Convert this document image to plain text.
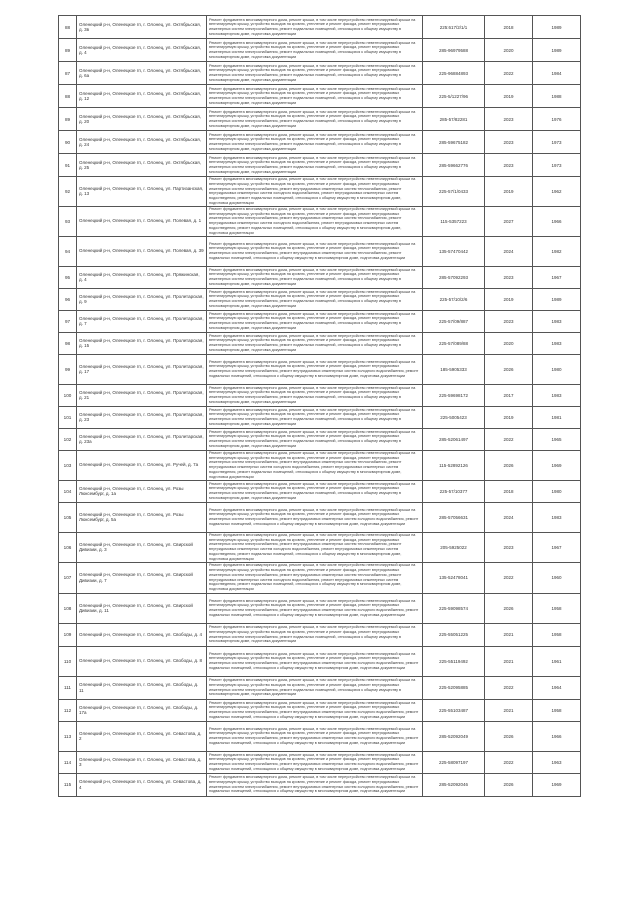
88	Оленецкий р-н, Оленецкое гп, г. Олонец, ул. Октябрьская, д. 3в	Ремонт фундамента многоквартирного дома, ремонт крыши, в том числе переустройство невентилируемой крыши на вентилируемую крышу, устройство выходов на кровлю, утепление и ремонт фасада, ремонт внутридомовых инженерных систем электроснабжения, ремонт подвальных помещений, относящихся к общему имуществу в многоквартирном доме, подготовка документации	225:617/2/1/1	2018	1989
89	Оленецкий р-н, Оленецкое гп, г. Олонец, ул. Октябрьская, д. 4	Ремонт фундамента многоквартирного дома, ремонт крыши, в том числе переустройство невентилируемой крыши на вентилируемую крышу, устройство выходов на кровлю, утепление и ремонт фасада, ремонт внутридомовых инженерных систем электроснабжения, ремонт подвальных помещений, относящихся к общему имуществу в многоквартирном доме, подготовка документации	285-96979588	2020	1989
87	Оленецкий р-н, Оленецкое гп, г. Олонец, ул. Октябрьская, д. 6а	Ремонт фундамента многоквартирного дома, ремонт крыши, в том числе переустройство невентилируемой крыши на вентилируемую крышу, устройство выходов на кровлю, утепление и ремонт фасада, ремонт внутридомовых инженерных систем электроснабжения, ремонт подвальных помещений, относящихся к общему имуществу в многоквартирном доме, подготовка документации	225-96884893	2022	1984
88	Оленецкий р-н, Оленецкое гп, г. Олонец, ул. Октябрьская, д. 12	Ремонт фундамента многоквартирного дома, ремонт крыши, в том числе переустройство невентилируемой крыши на вентилируемую крышу, устройство выходов на кровлю, утепление и ремонт фасада, ремонт внутридомовых инженерных систем электроснабжения, ремонт подвальных помещений, относящихся к общему имуществу в многоквартирном доме, подготовка документации	225-5/1227/96	2019	1988
89	Оленецкий р-н, Оленецкое гп, г. Олонец, ул. Октябрьская, д. 20	Ремонт фундамента многоквартирного дома, ремонт крыши, в том числе переустройство невентилируемой крыши на вентилируемую крышу, устройство выходов на кровлю, утепление и ремонт фасада, ремонт внутридомовых инженерных систем электроснабжения, ремонт подвальных помещений, относящихся к общему имуществу в многоквартирном доме, подготовка документации	285-57/82281	2023	1976
90	Оленецкий р-н, Оленецкое гп, г. Олонец, ул. Октябрьская, д. 24	Ремонт фундамента многоквартирного дома, ремонт крыши, в том числе переустройство невентилируемой крыши на вентилируемую крышу, устройство выходов на кровлю, утепление и ремонт фасада, ремонт внутридомовых инженерных систем электроснабжения, ремонт подвальных помещений, относящихся к общему имуществу в многоквартирном доме, подготовка документации	285-59675182	2023	1973
91	Оленецкий р-н, Оленецкое гп, г. Олонец, ул. Октябрьская, д. 25	Ремонт фундамента многоквартирного дома, ремонт крыши, в том числе переустройство невентилируемой крыши на вентилируемую крышу, устройство выходов на кровлю, утепление и ремонт фасада, ремонт внутридомовых инженерных систем электроснабжения, ремонт подвальных помещений, относящихся к общему имуществу в многоквартирном доме, подготовка документации	285-59662776	2023	1973
92	Оленецкий р-н, Оленецкое гп, г. Олонец, ул. Партизанская, д. 13	Ремонт фундамента многоквартирного дома, ремонт крыши, в том числе переустройство невентилируемой крыши на вентилируемую крышу, устройство выходов на кровлю, утепление и ремонт фасада, ремонт внутридомовых инженерных систем электроснабжения, ремонт внутридомовых инженерных систем теплоснабжения, ремонт внутридомовых инженерных систем холодного водоснабжения, ремонт внутридомовых инженерных систем водоотведения, ремонт подвальных помещений, относящихся к общему имуществу в многоквартирном доме, подготовка документации	225-57/1/0433	2019	1962
93	Оленецкий р-н, Оленецкое гп, г. Олонец, ул. Полевая, д. 1	Ремонт фундамента многоквартирного дома, ремонт крыши, в том числе переустройство невентилируемой крыши на вентилируемую крышу, устройство выходов на кровлю, утепление и ремонт фасада, ремонт внутридомовых инженерных систем электроснабжения, ремонт внутридомовых инженерных систем теплоснабжения, ремонт внутридомовых инженерных систем холодного водоснабжения, ремонт внутридомовых инженерных систем водоотведения, ремонт подвальных помещений, относящихся к общему имуществу в многоквартирном доме, подготовка документации	115-5357223	2027	1966
94	Оленецкий р-н, Оленецкое гп, г. Олонец, ул. Полевая, д. 39	Ремонт фундамента многоквартирного дома, ремонт крыши, в том числе переустройство невентилируемой крыши на вентилируемую крышу, устройство выходов на кровлю, утепление и ремонт фасада, ремонт внутридомовых инженерных систем электроснабжения, ремонт внутридомовых инженерных систем теплоснабжения, ремонт подвальных помещений, относящихся к общему имуществу в многоквартирном доме, подготовка документации	135-57470442	2024	1982
95	Оленецкий р-н, Оленецкое гп, г. Олонец, ул. Пряжинская, д. 4	Ремонт фундамента многоквартирного дома, ремонт крыши, в том числе переустройство невентилируемой крыши на вентилируемую крышу, устройство выходов на кровлю, утепление и ремонт фасада, ремонт внутридомовых инженерных систем электроснабжения, ремонт подвальных помещений, относящихся к общему имуществу в многоквартирном доме, подготовка документации	285-57092293	2023	1967
96	Оленецкий р-н, Оленецкое гп, г. Олонец, ул. Пролетарская, д. 9	Ремонт фундамента многоквартирного дома, ремонт крыши, в том числе переустройство невентилируемой крыши на вентилируемую крышу, устройство выходов на кровлю, утепление и ремонт фасада, ремонт внутридомовых инженерных систем электроснабжения, ремонт подвальных помещений, относящихся к общему имуществу в многоквартирном доме, подготовка документации	225-57/10/2/6	2019	1989
97	Оленецкий р-н, Оленецкое гп, г. Олонец, ул. Пролетарская, д. 7	Ремонт фундамента многоквартирного дома, ремонт крыши, в том числе переустройство невентилируемой крыши на вентилируемую крышу, устройство выходов на кровлю, утепление и ремонт фасада, ремонт внутридомовых инженерных систем электроснабжения, ремонт подвальных помещений, относящихся к общему имуществу в многоквартирном доме, подготовка документации	225-57/09/887	2023	1983
98	Оленецкий р-н, Оленецкое гп, г. Олонец, ул. Пролетарская, д. 15	Ремонт фундамента многоквартирного дома, ремонт крыши, в том числе переустройство невентилируемой крыши на вентилируемую крышу, устройство выходов на кровлю, утепление и ремонт фасада, ремонт внутридомовых инженерных систем электроснабжения, ремонт подвальных помещений, относящихся к общему имуществу в многоквартирном доме, подготовка документации	225-57/089/88	2020	1983
99	Оленецкий р-н, Оленецкое гп, г. Олонец, ул. Пролетарская, д. 17	Ремонт фундамента многоквартирного дома, ремонт крыши, в том числе переустройство невентилируемой крыши на вентилируемую крышу, устройство выходов на кровлю, утепление и ремонт фасада, ремонт внутридомовых инженерных систем электроснабжения, ремонт внутридомовых инженерных систем холодного водоснабжения, ремонт подвальных помещений, относящихся к общему имуществу в многоквартирном доме, подготовка документации	185-5905333	2026	1980
100	Оленецкий р-н, Оленецкое гп, г. Олонец, ул. Пролетарская, д. 21	Ремонт фундамента многоквартирного дома, ремонт крыши, в том числе переустройство невентилируемой крыши на вентилируемую крышу, устройство выходов на кровлю, утепление и ремонт фасада, ремонт внутридомовых инженерных систем электроснабжения, ремонт подвальных помещений, относящихся к общему имуществу в многоквартирном доме, подготовка документации	225-59698172	2017	1983
101	Оленецкий р-н, Оленецкое гп, г. Олонец, ул. Пролетарская, д. 23	Ремонт фундамента многоквартирного дома, ремонт крыши, в том числе переустройство невентилируемой крыши на вентилируемую крышу, устройство выходов на кровлю, утепление и ремонт фасада, ремонт внутридомовых инженерных систем электроснабжения, ремонт подвальных помещений, относящихся к общему имуществу в многоквартирном доме, подготовка документации	225-5005423	2019	1981
102	Оленецкий р-н, Оленецкое гп, г. Олонец, ул. Пролетарская, д. 23а	Ремонт фундамента многоквартирного дома, ремонт крыши, в том числе переустройство невентилируемой крыши на вентилируемую крышу, устройство выходов на кровлю, утепление и ремонт фасада, ремонт внутридомовых инженерных систем электроснабжения, ремонт подвальных помещений, относящихся к общему имуществу в многоквартирном доме, подготовка документации	285-52061497	2022	1965
103	Оленецкий р-н, Оленецкое гп, г. Олонец, ул. Ручей, д. 7а	Ремонт фундамента многоквартирного дома, ремонт крыши, в том числе переустройство невентилируемой крыши на вентилируемую крышу, устройство выходов на кровлю, утепление и ремонт фасада, ремонт внутридомовых инженерных систем электроснабжения, ремонт внутридомовых инженерных систем теплоснабжения, ремонт внутридомовых инженерных систем холодного водоснабжения, ремонт внутридомовых инженерных систем водоотведения, ремонт подвальных помещений, относящихся к общему имуществу в многоквартирном доме, подготовка документации	115-52892126	2026	1969
104	Оленецкий р-н, Оленецкое гп, г. Олонец, ул. Розы Люксембург, д. 1а	Ремонт фундамента многоквартирного дома, ремонт крыши, в том числе переустройство невентилируемой крыши на вентилируемую крышу, устройство выходов на кровлю, утепление и ремонт фасада, ремонт внутридомовых инженерных систем электроснабжения, ремонт подвальных помещений, относящихся к общему имуществу в многоквартирном доме, подготовка документации	225-57/10377	2018	1980
105	Оленецкий р-н, Оленецкое гп, г. Олонец, ул. Розы Люксембург, д. 5а	Ремонт фундамента многоквартирного дома, ремонт крыши, в том числе переустройство невентилируемой крыши на вентилируемую крышу, устройство выходов на кровлю, утепление и ремонт фасада, ремонт внутридомовых инженерных систем электроснабжения, ремонт внутридомовых инженерных систем холодного водоснабжения, ремонт подвальных помещений, относящихся к общему имуществу в многоквартирном доме, подготовка документации	285-57056631	2024	1983
106	Оленецкий р-н, Оленецкое гп, г. Олонец, ул. Свирской Дивизии, д. 3	Ремонт фундамента многоквартирного дома, ремонт крыши, в том числе переустройство невентилируемой крыши на вентилируемую крышу, устройство выходов на кровлю, утепление и ремонт фасада, ремонт внутридомовых инженерных систем электроснабжения, ремонт внутридомовых инженерных систем теплоснабжения, ремонт внутридомовых инженерных систем холодного водоснабжения, ремонт внутридомовых инженерных систем водоотведения, ремонт подвальных помещений, относящихся к общему имуществу в многоквартирном доме, подготовка документации	205-5925022	2023	1967
107	Оленецкий р-н, Оленецкое гп, г. Олонец, ул. Свирской Дивизии, д. 7	Ремонт фундамента многоквартирного дома, ремонт крыши, в том числе переустройство невентилируемой крыши на вентилируемую крышу, устройство выходов на кровлю, утепление и ремонт фасада, ремонт внутридомовых инженерных систем электроснабжения, ремонт внутридомовых инженерных систем теплоснабжения, ремонт внутридомовых инженерных систем холодного водоснабжения, ремонт внутридомовых инженерных систем водоотведения, ремонт подвальных помещений, относящихся к общему имуществу в многоквартирном доме, подготовка документации	135-52478041	2022	1960
108	Оленецкий р-н, Оленецкое гп, г. Олонец, ул. Свирской Дивизии, д. 11	Ремонт фундамента многоквартирного дома, ремонт крыши, в том числе переустройство невентилируемой крыши на вентилируемую крышу, устройство выходов на кровлю, утепление и ремонт фасада, ремонт внутридомовых инженерных систем электроснабжения, ремонт внутридомовых инженерных систем холодного водоснабжения, ремонт подвальных помещений, относящихся к общему имуществу в многоквартирном доме, подготовка документации	225-59098574	2026	1958
109	Оленецкий р-н, Оленецкое гп, г. Олонец, ул. Свободы, д. 4	Ремонт фундамента многоквартирного дома, ремонт крыши, в том числе переустройство невентилируемой крыши на вентилируемую крышу, устройство выходов на кровлю, утепление и ремонт фасада, ремонт внутридомовых инженерных систем электроснабжения, ремонт подвальных помещений, относящихся к общему имуществу в многоквартирном доме, подготовка документации	225-55051225	2021	1958
110	Оленецкий р-н, Оленецкое гп, г. Олонец, ул. Свободы, д. 8	Ремонт фундамента многоквартирного дома, ремонт крыши, в том числе переустройство невентилируемой крыши на вентилируемую крышу, устройство выходов на кровлю, утепление и ремонт фасада, ремонт внутридомовых инженерных систем электроснабжения, ремонт внутридомовых инженерных систем холодного водоснабжения, ремонт подвальных помещений, относящихся к общему имуществу в многоквартирном доме, подготовка документации	225-55119492	2021	1961
111	Оленецкий р-н, Оленецкое гп, г. Олонец, ул. Свободы, д. 11	Ремонт фундамента многоквартирного дома, ремонт крыши, в том числе переустройство невентилируемой крыши на вентилируемую крышу, устройство выходов на кровлю, утепление и ремонт фасада, ремонт внутридомовых инженерных систем электроснабжения, ремонт подвальных помещений, относящихся к общему имуществу в многоквартирном доме, подготовка документации	225-52095885	2022	1964
112	Оленецкий р-н, Оленецкое гп, г. Олонец, ул. Свободы, д. 17а	Ремонт фундамента многоквартирного дома, ремонт крыши, в том числе переустройство невентилируемой крыши на вентилируемую крышу, устройство выходов на кровлю, утепление и ремонт фасада, ремонт внутридомовых инженерных систем электроснабжения, ремонт внутридомовых инженерных систем холодного водоснабжения, ремонт подвальных помещений, относящихся к общему имуществу в многоквартирном доме, подготовка документации	225-55103487	2021	1958
113	Оленецкий р-н, Оленецкое гп, г. Олонец, ул. Севастова, д. 2	Ремонт фундамента многоквартирного дома, ремонт крыши, в том числе переустройство невентилируемой крыши на вентилируемую крышу, устройство выходов на кровлю, утепление и ремонт фасада, ремонт внутридомовых инженерных систем электроснабжения, ремонт внутридомовых инженерных систем холодного водоснабжения, ремонт подвальных помещений, относящихся к общему имуществу в многоквартирном доме, подготовка документации	285-52092049	2026	1966
114	Оленецкий р-н, Оленецкое гп, г. Олонец, ул. Севастова, д. 3	Ремонт фундамента многоквартирного дома, ремонт крыши, в том числе переустройство невентилируемой крыши на вентилируемую крышу, устройство выходов на кровлю, утепление и ремонт фасада, ремонт внутридомовых инженерных систем электроснабжения, ремонт внутридомовых инженерных систем холодного водоснабжения, ремонт подвальных помещений, относящихся к общему имуществу в многоквартирном доме, подготовка документации	225-58097197	2022	1963
115	Оленецкий р-н, Оленецкое гп, г. Олонец, ул. Севастова, д. 4	Ремонт фундамента многоквартирного дома, ремонт крыши, в том числе переустройство невентилируемой крыши на вентилируемую крышу, устройство выходов на кровлю, утепление и ремонт фасада, ремонт внутридомовых инженерных систем электроснабжения, ремонт внутридомовых инженерных систем холодного водоснабжения, ремонт подвальных помещений, относящихся к общему имуществу в многоквартирном доме, подготовка документации	285-52092046	2026	1969
